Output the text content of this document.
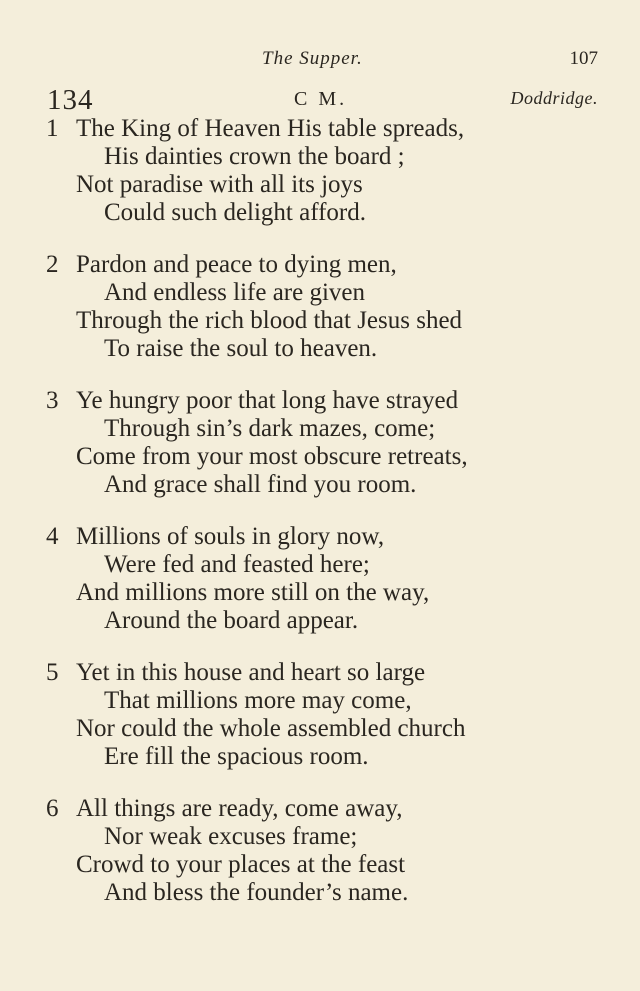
The Supper.	107
134	C M.	Doddridge.
1 The King of Heaven His table spreads,
His dainties crown the board ;
Not paradise with all its joys
Could such delight afford.
2 Pardon and peace to dying men,
And endless life are given
Through the rich blood that Jesus shed
To raise the soul to heaven.
3 Ye hungry poor that long have strayed
Through sin’s dark mazes, come;
Come from your most obscure retreats,
And grace shall find you room.
4 Millions of souls in glory now,
Were fed and feasted here;
And millions more still on the way,
Around the board appear.
5 Yet in this house and heart so large
That millions more may come,
Nor could the whole assembled church
Ere fill the spacious room.
6 All things are ready, come away,
Nor weak excuses frame;
Crowd to your places at the feast
And bless the founder’s name.
